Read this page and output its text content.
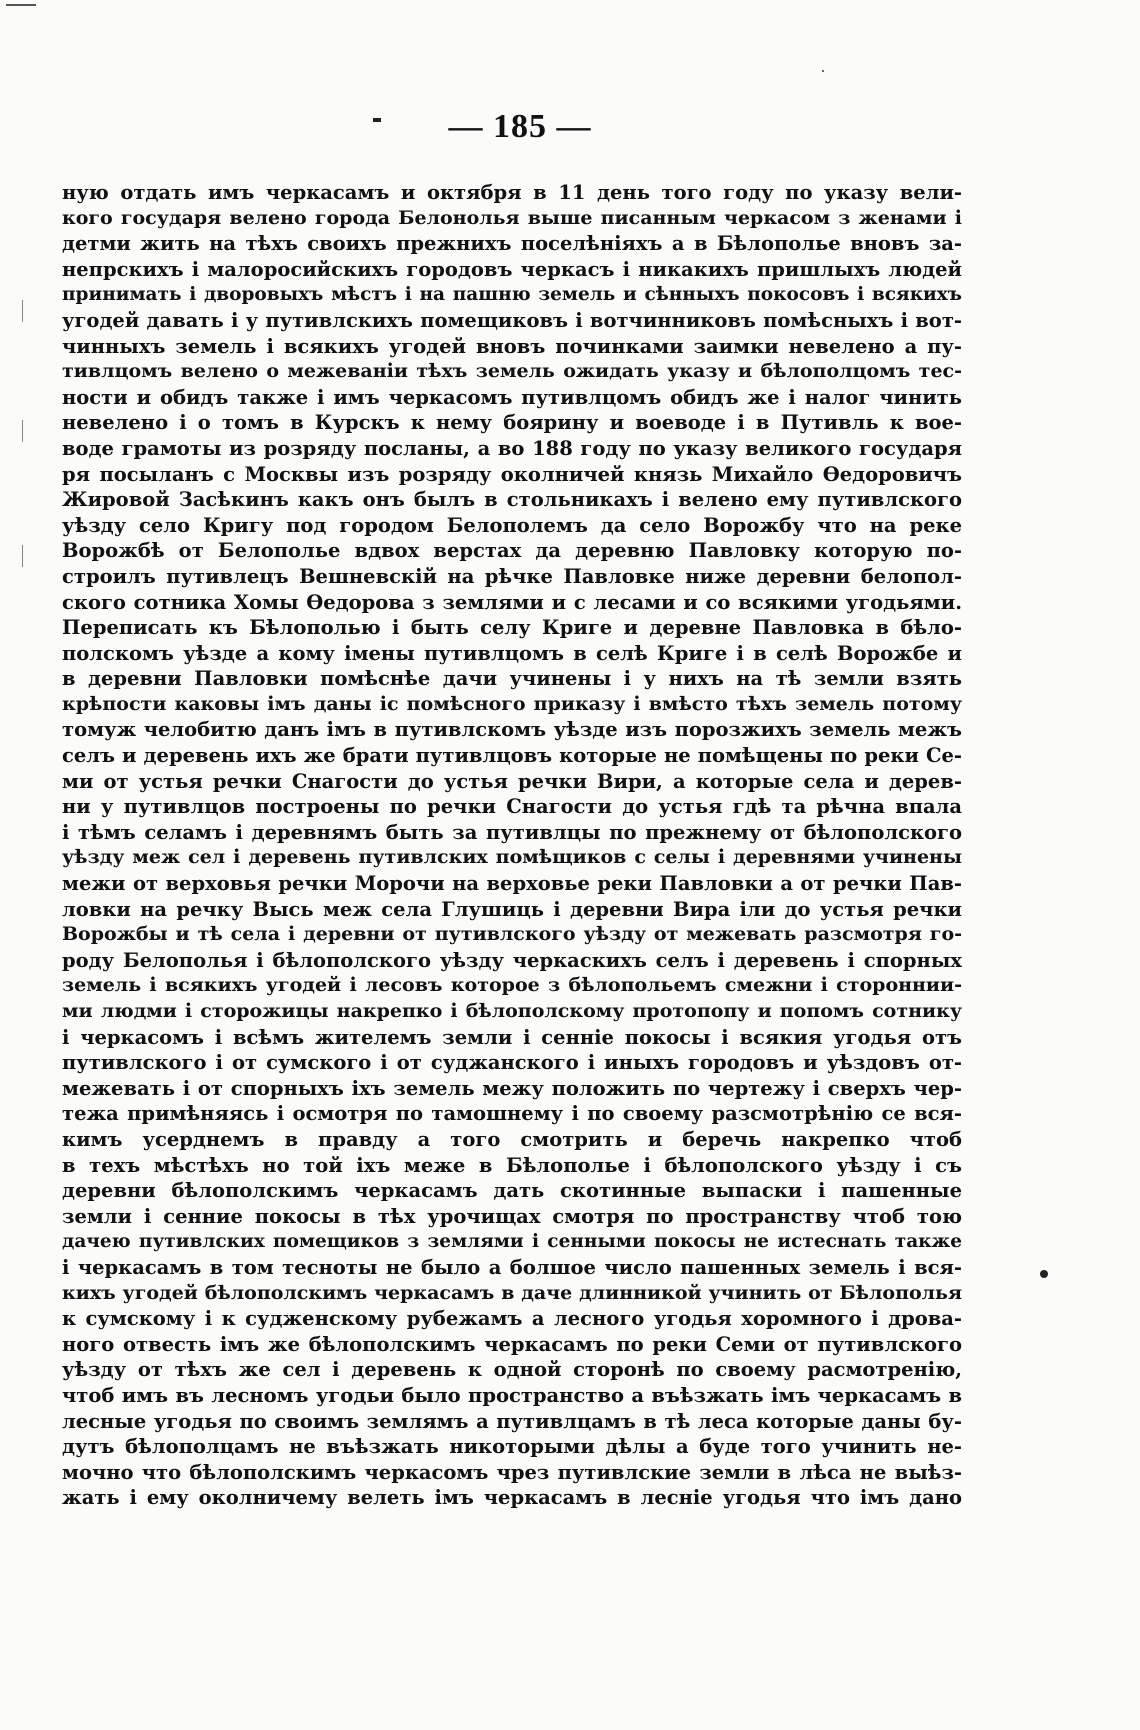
— 185 —
ную отдать имъ черкасамъ и октября в 11 день того году по указу вели-
кого государя велено города Белонолья выше писанным черкасом з женами і
детми жить на тѣхъ своихъ прежнихъ поселѣніяхъ а в Бѣлополье вновъ за-
непрскихъ і малоросийскихъ городовъ черкасъ і никакихъ пришлыхъ людей
принимать і дворовыхъ мѣстъ і на пашню земель и сѣнныхъ покосовъ і всякихъ
угодей давать і у путивлскихъ помещиковъ і вотчинниковъ помѣсныхъ і вот-
чинныхъ земель і всякихъ угодей вновъ починками заимки невелено а пу-
тивлцомъ велено о межеваніи тѣхъ земель ожидать указу и бѣлополцомъ тес-
ности и обидъ также і имъ черкасомъ путивлцомъ обидъ же і налог чинить
невелено і о томъ в Курскъ к нему боярину и воеводе і в Путивль к вое-
воде грамоты из розряду посланы, а во 188 году по указу великого государя
ря посыланъ с Москвы изъ розряду околничей князь Михайло Ѳедоровичъ
Жировой Засѣкинъ какъ онъ былъ в стольникахъ і велено ему путивлского
уѣзду село Кригу под городом Белополемъ да село Ворожбу что на реке
Ворожбѣ от Белополье вдвох верстах да деревню Павловку которую по-
строилъ путивлецъ Вешневскій на рѣчке Павловке ниже деревни белопол-
ского сотника Хомы Ѳедорова з землями и с лесами и со всякими угодьями.
Переписать къ Бѣлополью і быть селу Криге и деревне Павловка в бѣло-
полскомъ уѣзде а кому імены путивлцомъ в селѣ Криге і в селѣ Ворожбе и
в деревни Павловки помѣснѣе дачи учинены і у нихъ на тѣ земли взять
крѣпости каковы імъ даны іс помѣсного приказу і вмѣсто тѣхъ земель потому
томуж челобитю данъ імъ в путивлскомъ уѣзде изъ порозжихъ земель межъ
селъ и деревень ихъ же брати путивлцовъ которые не помѣщены по реки Се-
ми от устья речки Снагости до устья речки Вири, а которые села и дерев-
ни у путивлцов построены по речки Снагости до устья гдѣ та рѣчна впала
і тѣмъ селамъ і деревнямъ быть за путивлцы по прежнему от бѣлополского
уѣзду меж сел і деревень путивлских помѣщиков с селы і деревнями учинены
межи от верховья речки Морочи на верховье реки Павловки а от речки Пав-
ловки на речку Высь меж села Глушиць і деревни Вира іли до устья речки
Ворожбы и тѣ села і деревни от путивлского уѣзду от межевать разсмотря го-
роду Белополья і бѣлополского уѣзду черкаскихъ селъ і деревень і спорных
земель і всякихъ угодей і лесовъ которое з бѣлопольемъ смежни і стороннии-
ми людми і сторожицы накрепко і бѣлополскому протопопу и попомъ сотнику
і черкасомъ і всѣмъ жителемъ земли і сенніе покосы і всякия угодья отъ
путивлского і от сумского і от суджанского і иныхъ городовъ и уѣздовъ от-
межевать і от спорныхъ іхъ земель межу положить по чертежу і сверхъ чер-
тежа примѣняясь і осмотря по тамошнему і по своему разсмотрѣнію се вся-
кимъ усерднемъ в правду а того смотрить и беречь накрепко чтоб
в техъ мѣстѣхъ но той іхъ меже в Бѣлополье і бѣлополского уѣзду і съ
деревни бѣлополскимъ черкасамъ дать скотинные выпаски і пашенные
земли і сенние покосы в тѣх урочищах смотря по пространству чтоб тою
дачею путивлских помещиков з землями і сенными покосы не истеснать также
і черкасамъ в том тесноты не было а болшое число пашенных земель і вся-
кихъ угодей бѣлополскимъ черкасамъ в даче длинникой учинить от Бѣлополья
к сумскому і к судженскому рубежамъ а лесного угодья хоромного і дрова-
ного отвесть імъ же бѣлополскимъ черкасамъ по реки Семи от путивлского
уѣзду от тѣхъ же сел і деревень к одной сторонѣ по своему расмотренію,
чтоб имъ въ лесномъ угодьи было пространство а въѣзжать імъ черкасамъ в
лесные угодья по своимъ землямъ а путивлцамъ в тѣ леса которые даны бу-
дутъ бѣлополцамъ не въѣзжать никоторыми дѣлы а буде того учинить не-
мочно что бѣлополскимъ черкасомъ чрез путивлские земли в лѣса не выѣз-
жать і ему околничему велеть імъ черкасамъ в лесніе угодья что імъ дано
